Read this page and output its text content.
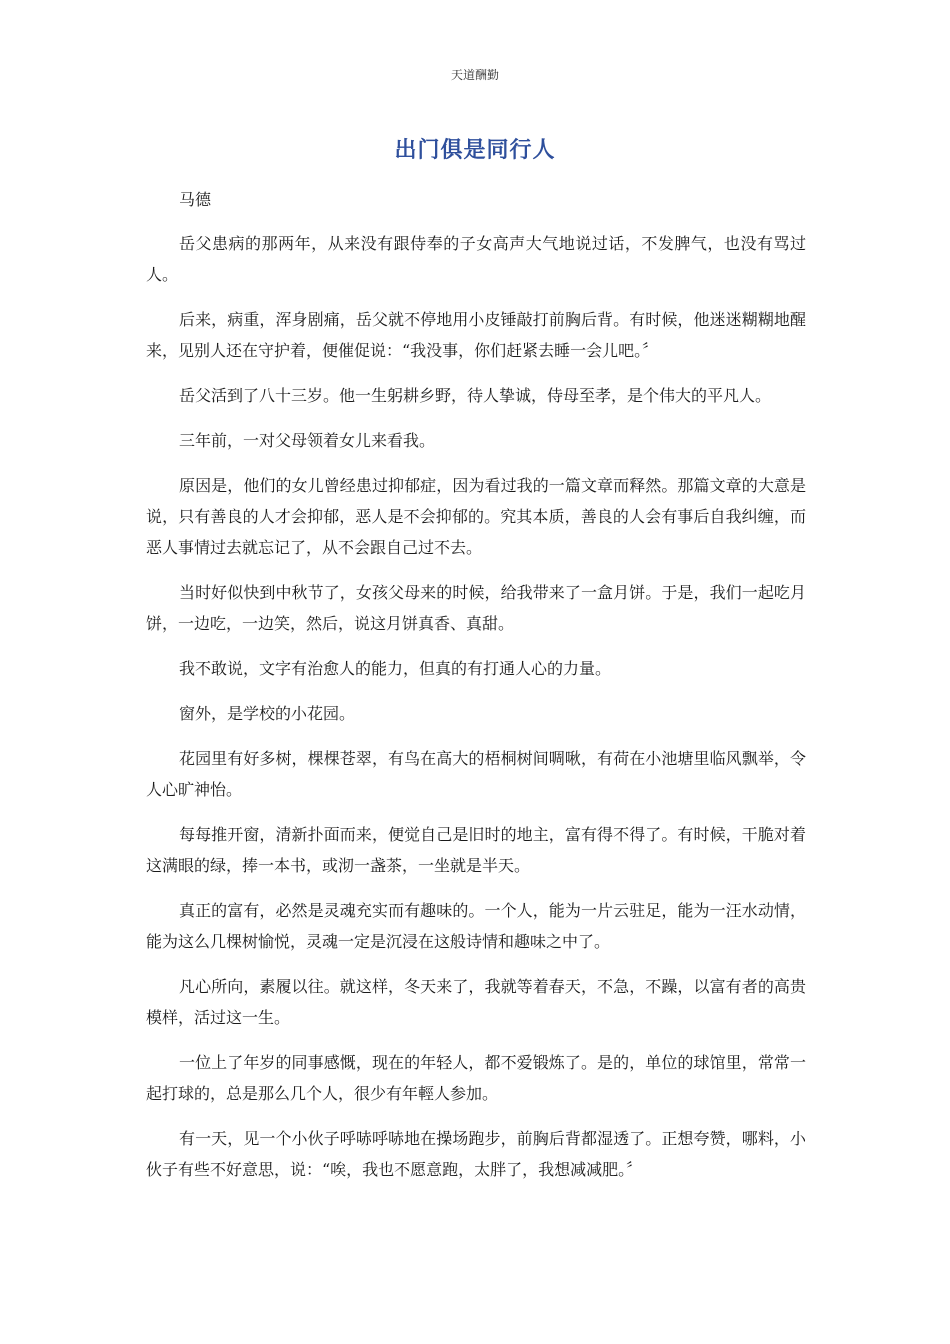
天道酬勤
出门俱是同行人

马德

岳父患病的那两年，从来没有跟侍奉的子女高声大气地说过话，不发脾气，也没有骂过人。

后来，病重，浑身剧痛，岳父就不停地用小皮锤敲打前胸后背。有时候，他迷迷糊糊地醒来，见别人还在守护着，便催促说：“我没事，你们赶紧去睡一会儿吧。〞

岳父活到了八十三岁。他一生躬耕乡野，待人挚诚，侍母至孝，是个伟大的平凡人。

三年前，一对父母领着女儿来看我。

原因是，他们的女儿曾经患过抑郁症，因为看过我的一篇文章而释然。那篇文章的大意是说，只有善良的人才会抑郁，恶人是不会抑郁的。究其本质，善良的人会有事后自我纠缠，而恶人事情过去就忘记了，从不会跟自己过不去。

当时好似快到中秋节了，女孩父母来的时候，给我带来了一盒月饼。于是，我们一起吃月饼，一边吃，一边笑，然后，说这月饼真香、真甜。

我不敢说，文字有治愈人的能力，但真的有打通人心的力量。

窗外，是学校的小花园。

花园里有好多树，棵棵苍翠，有鸟在高大的梧桐树间啁啾，有荷在小池塘里临风飘举，令人心旷神怡。

每每推开窗，清新扑面而来，便觉自己是旧时的地主，富有得不得了。有时候，干脆对着这满眼的绿，捧一本书，或沏一盏茶，一坐就是半天。

真正的富有，必然是灵魂充实而有趣味的。一个人，能为一片云驻足，能为一汪水动情，能为这么几棵树愉悦，灵魂一定是沉浸在这般诗情和趣味之中了。

凡心所向，素履以往。就这样，冬天来了，我就等着春天，不急，不躁，以富有者的高贵模样，活过这一生。

一位上了年岁的同事感慨，现在的年轻人，都不爱锻炼了。是的，单位的球馆里，常常一起打球的，总是那么几个人，很少有年輕人参加。

有一天，见一个小伙子呼哧呼哧地在操场跑步，前胸后背都湿透了。正想夸赞，哪料，小伙子有些不好意思，说：“唉，我也不愿意跑，太胖了，我想减减肥。〞
